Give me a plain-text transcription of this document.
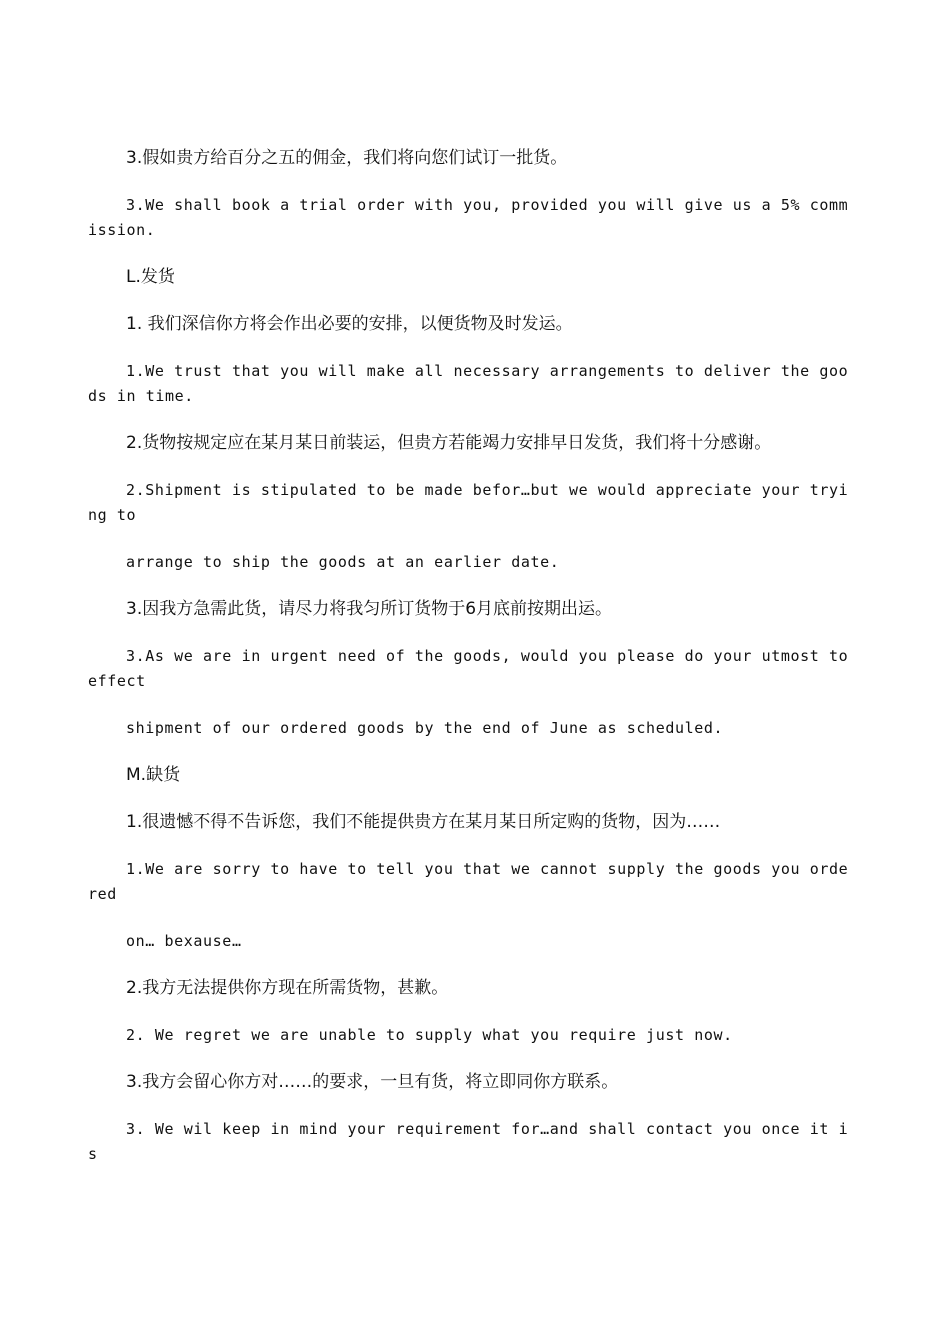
3.假如贵方给百分之五的佣金，我们将向您们试订一批货。

3.We shall book a trial order with you, provided you will give us a 5% commission.

L.发货

1. 我们深信你方将会作出必要的安排，以便货物及时发运。

1.We trust that you will make all necessary arrangements to deliver the goods in time.

2.货物按规定应在某月某日前装运，但贵方若能竭力安排早日发货，我们将十分感谢。

2.Shipment is stipulated to be made befor…but we would appreciate your trying to

arrange to ship the goods at an earlier date.

3.因我方急需此货，请尽力将我匀所订货物于6月底前按期出运。

3.As we are in urgent need of the goods, would you please do your utmost to effect

shipment of our ordered goods by the end of June as scheduled.

M.缺货

1.很遗憾不得不告诉您，我们不能提供贵方在某月某日所定购的货物，因为……

1.We are sorry to have to tell you that we cannot supply the goods you ordered

on… bexause…

2.我方无法提供你方现在所需货物，甚歉。

2. We regret we are unable to supply what you require just now.

3.我方会留心你方对……的要求，一旦有货，将立即同你方联系。

3. We wil keep in mind your requirement for…and shall contact you once it is
